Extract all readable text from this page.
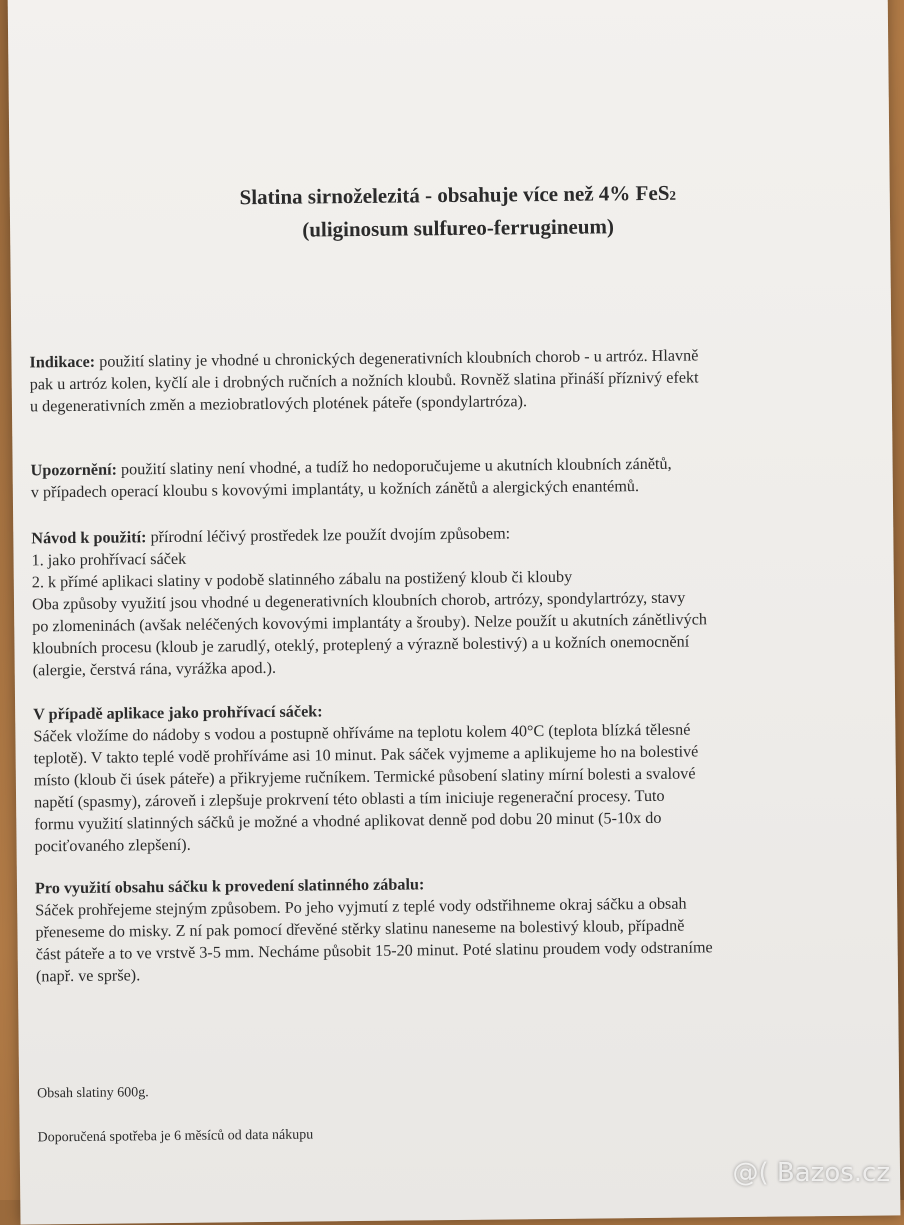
Slatina sirnoželezitá - obsahuje více než 4% FeS2
(uliginosum sulfureo-ferrugineum)

Indikace: použití slatiny je vhodné u chronických degenerativních kloubních chorob - u artróz. Hlavně
pak u artróz kolen, kyčlí ale i drobných ručních a nožních kloubů. Rovněž slatina přináší příznivý efekt
u degenerativních změn a meziobratlových plotének páteře (spondylartróza).

Upozornění: použití slatiny není vhodné, a tudíž ho nedoporučujeme u akutních kloubních zánětů,
v případech operací kloubu s kovovými implantáty, u kožních zánětů a alergických enantémů.

Návod k použití: přírodní léčivý prostředek lze použít dvojím způsobem:
1. jako prohřívací sáček
2. k přímé aplikaci slatiny v podobě slatinného zábalu na postižený kloub či klouby
Oba způsoby využití jsou vhodné u degenerativních kloubních chorob, artrózy, spondylartrózy, stavy
po zlomeninách (avšak neléčených kovovými implantáty a šrouby). Nelze použít u akutních zánětlivých
kloubních procesu (kloub je zarudlý, oteklý, proteplený a výrazně bolestivý) a u kožních onemocnění
(alergie, čerstvá rána, vyrážka apod.).

V případě aplikace jako prohřívací sáček:
Sáček vložíme do nádoby s vodou a postupně ohříváme na teplotu kolem 40°C (teplota blízká tělesné
teplotě). V takto teplé vodě prohříváme asi 10 minut. Pak sáček vyjmeme a aplikujeme ho na bolestivé
místo (kloub či úsek páteře) a přikryjeme ručníkem. Termické působení slatiny mírní bolesti a svalové
napětí (spasmy), zároveň i zlepšuje prokrvení této oblasti a tím iniciuje regenerační procesy. Tuto
formu využití slatinných sáčků je možné a vhodné aplikovat denně pod dobu 20 minut (5-10x do
pociťovaného zlepšení).

Pro využití obsahu sáčku k provedení slatinného zábalu:
Sáček prohřejeme stejným způsobem. Po jeho vyjmutí z teplé vody odstřihneme okraj sáčku a obsah
přeneseme do misky. Z ní pak pomocí dřevěné stěrky slatinu naneseme na bolestivý kloub, případně
část páteře a to ve vrstvě 3-5 mm. Necháme působit 15-20 minut. Poté slatinu proudem vody odstraníme
(např. ve sprše).

Obsah slatiny 600g.

Doporučená spotřeba je 6 měsíců od data nákupu

@( Bazos.cz
